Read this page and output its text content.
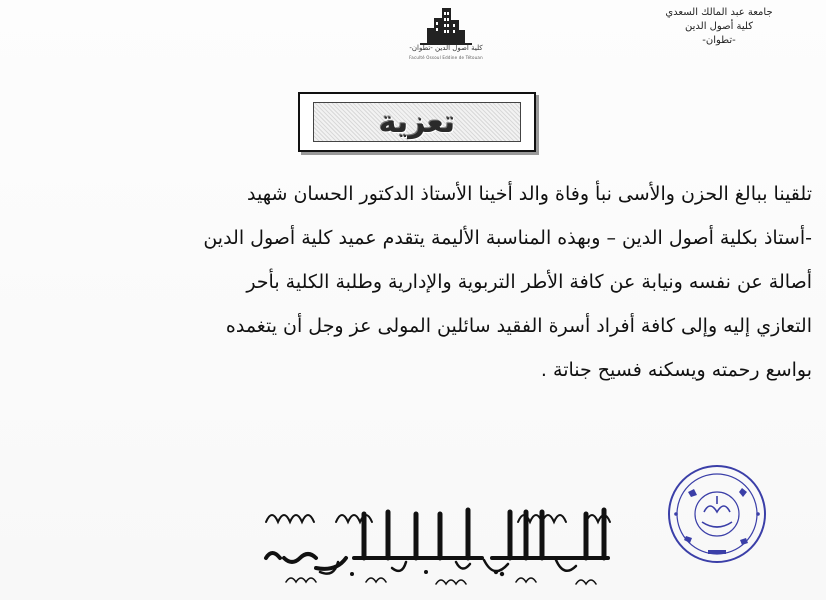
جامعة عبد المالك السعدي
كلية أصول الدين
-تطوان-
كلية أصول الدين -تطوان-
Faculté Ossoul Eddine de Tétouan
تعزية
تلقينا ببالغ الحزن والأسى نبأ وفاة والد أخينا الأستاذ الدكتور الحسان شهيد
-أستاذ بكلية أصول الدين – وبهذه المناسبة الأليمة يتقدم عميد كلية أصول الدين
أصالة عن نفسه ونيابة عن كافة الأطر التربوية والإدارية وطلبة الكلية بأحر
التعازي إليه وإلى كافة أفراد أسرة الفقيد سائلين المولى عز وجل أن يتغمده
بواسع رحمته ويسكنه فسيح جناتة .
